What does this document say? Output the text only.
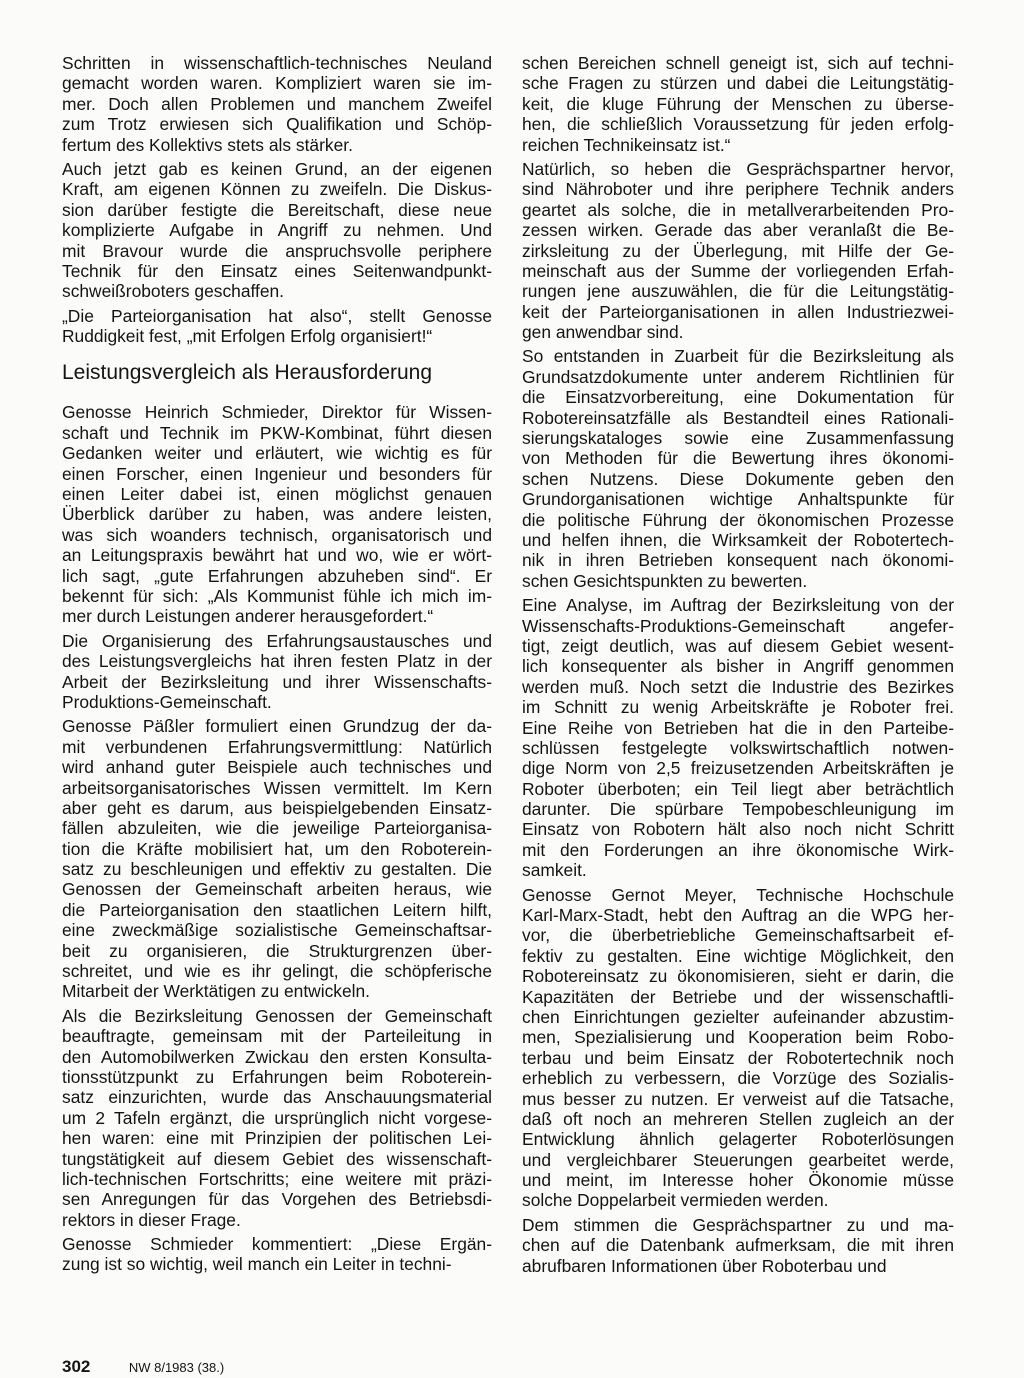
Schritten in wissenschaftlich-technisches Neuland
gemacht worden waren. Kompliziert waren sie im-
mer. Doch allen Problemen und manchem Zweifel
zum Trotz erwiesen sich Qualifikation und Schöp-
fertum des Kollektivs stets als stärker.
Auch jetzt gab es keinen Grund, an der eigenen
Kraft, am eigenen Können zu zweifeln. Die Diskus-
sion darüber festigte die Bereitschaft, diese neue
komplizierte Aufgabe in Angriff zu nehmen. Und
mit Bravour wurde die anspruchsvolle periphere
Technik für den Einsatz eines Seitenwandpunkt-
schweißroboters geschaffen.
„Die Parteiorganisation hat also“, stellt Genosse
Ruddigkeit fest, „mit Erfolgen Erfolg organisiert!“
Leistungsvergleich als Herausforderung
Genosse Heinrich Schmieder, Direktor für Wissen-
schaft und Technik im PKW-Kombinat, führt diesen
Gedanken weiter und erläutert, wie wichtig es für
einen Forscher, einen Ingenieur und besonders für
einen Leiter dabei ist, einen möglichst genauen
Überblick darüber zu haben, was andere leisten,
was sich woanders technisch, organisatorisch und
an Leitungspraxis bewährt hat und wo, wie er wört-
lich sagt, „gute Erfahrungen abzuheben sind“. Er
bekennt für sich: „Als Kommunist fühle ich mich im-
mer durch Leistungen anderer herausgefordert.“
Die Organisierung des Erfahrungsaustausches und
des Leistungsvergleichs hat ihren festen Platz in der
Arbeit der Bezirksleitung und ihrer Wissenschafts-
Produktions-Gemeinschaft.
Genosse Päßler formuliert einen Grundzug der da-
mit verbundenen Erfahrungsvermittlung: Natürlich
wird anhand guter Beispiele auch technisches und
arbeitsorganisatorisches Wissen vermittelt. Im Kern
aber geht es darum, aus beispielgebenden Einsatz-
fällen abzuleiten, wie die jeweilige Parteiorganisa-
tion die Kräfte mobilisiert hat, um den Roboterein-
satz zu beschleunigen und effektiv zu gestalten. Die
Genossen der Gemeinschaft arbeiten heraus, wie
die Parteiorganisation den staatlichen Leitern hilft,
eine zweckmäßige sozialistische Gemeinschaftsar-
beit zu organisieren, die Strukturgrenzen über-
schreitet, und wie es ihr gelingt, die schöpferische
Mitarbeit der Werktätigen zu entwickeln.
Als die Bezirksleitung Genossen der Gemeinschaft
beauftragte, gemeinsam mit der Parteileitung in
den Automobilwerken Zwickau den ersten Konsulta-
tionsstützpunkt zu Erfahrungen beim Roboterein-
satz einzurichten, wurde das Anschauungsmaterial
um 2 Tafeln ergänzt, die ursprünglich nicht vorgese-
hen waren: eine mit Prinzipien der politischen Lei-
tungstätigkeit auf diesem Gebiet des wissenschaft-
lich-technischen Fortschritts; eine weitere mit präzi-
sen Anregungen für das Vorgehen des Betriebsdi-
rektors in dieser Frage.
Genosse Schmieder kommentiert: „Diese Ergän-
zung ist so wichtig, weil manch ein Leiter in techni-
schen Bereichen schnell geneigt ist, sich auf techni-
sche Fragen zu stürzen und dabei die Leitungstätig-
keit, die kluge Führung der Menschen zu überse-
hen, die schließlich Voraussetzung für jeden erfolg-
reichen Technikeinsatz ist.“
Natürlich, so heben die Gesprächspartner hervor,
sind Nähroboter und ihre periphere Technik anders
geartet als solche, die in metallverarbeitenden Pro-
zessen wirken. Gerade das aber veranlaßt die Be-
zirksleitung zu der Überlegung, mit Hilfe der Ge-
meinschaft aus der Summe der vorliegenden Erfah-
rungen jene auszuwählen, die für die Leitungstätig-
keit der Parteiorganisationen in allen Industriezwei-
gen anwendbar sind.
So entstanden in Zuarbeit für die Bezirksleitung als
Grundsatzdokumente unter anderem Richtlinien für
die Einsatzvorbereitung, eine Dokumentation für
Robotereinsatzfälle als Bestandteil eines Rationali-
sierungskataloges sowie eine Zusammenfassung
von Methoden für die Bewertung ihres ökonomi-
schen Nutzens. Diese Dokumente geben den
Grundorganisationen wichtige Anhaltspunkte für
die politische Führung der ökonomischen Prozesse
und helfen ihnen, die Wirksamkeit der Robotertech-
nik in ihren Betrieben konsequent nach ökonomi-
schen Gesichtspunkten zu bewerten.
Eine Analyse, im Auftrag der Bezirksleitung von der
Wissenschafts-Produktions-Gemeinschaft angefer-
tigt, zeigt deutlich, was auf diesem Gebiet wesent-
lich konsequenter als bisher in Angriff genommen
werden muß. Noch setzt die Industrie des Bezirkes
im Schnitt zu wenig Arbeitskräfte je Roboter frei.
Eine Reihe von Betrieben hat die in den Parteibe-
schlüssen festgelegte volkswirtschaftlich notwen-
dige Norm von 2,5 freizusetzenden Arbeitskräften je
Roboter überboten; ein Teil liegt aber beträchtlich
darunter. Die spürbare Tempobeschleunigung im
Einsatz von Robotern hält also noch nicht Schritt
mit den Forderungen an ihre ökonomische Wirk-
samkeit.
Genosse Gernot Meyer, Technische Hochschule
Karl-Marx-Stadt, hebt den Auftrag an die WPG her-
vor, die überbetriebliche Gemeinschaftsarbeit ef-
fektiv zu gestalten. Eine wichtige Möglichkeit, den
Robotereinsatz zu ökonomisieren, sieht er darin, die
Kapazitäten der Betriebe und der wissenschaftli-
chen Einrichtungen gezielter aufeinander abzustim-
men, Spezialisierung und Kooperation beim Robo-
terbau und beim Einsatz der Robotertechnik noch
erheblich zu verbessern, die Vorzüge des Sozialis-
mus besser zu nutzen. Er verweist auf die Tatsache,
daß oft noch an mehreren Stellen zugleich an der
Entwicklung ähnlich gelagerter Roboterlösungen
und vergleichbarer Steuerungen gearbeitet werde,
und meint, im Interesse hoher Ökonomie müsse
solche Doppelarbeit vermieden werden.
Dem stimmen die Gesprächspartner zu und ma-
chen auf die Datenbank aufmerksam, die mit ihren
abrufbaren Informationen über Roboterbau und
302	NW 8/1983 (38.)
